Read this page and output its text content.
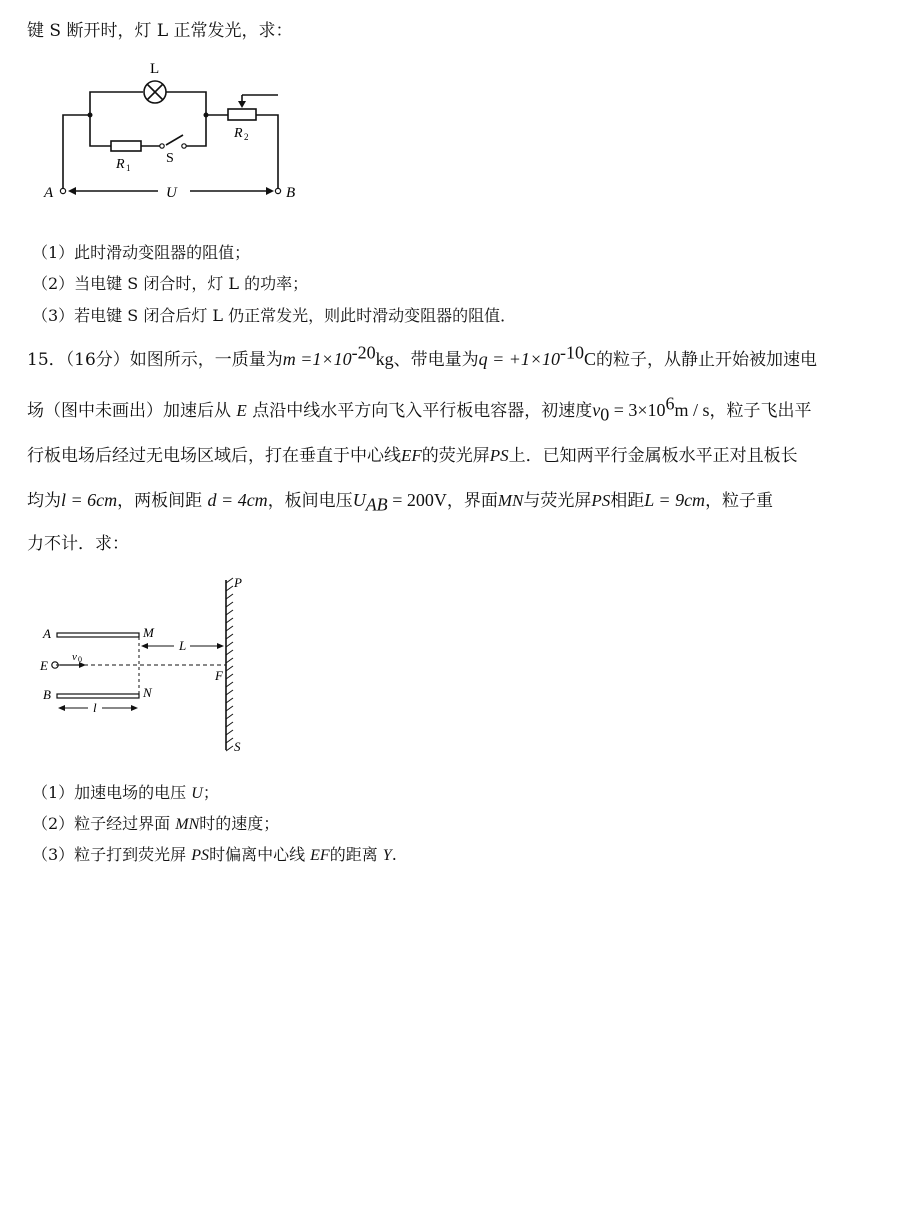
键 S 断开时，灯 L 正常发光，求：
L
R 1
R 2
S
A	B
U
（1）此时滑动变阻器的阻值；
（2）当电键 S 闭合时，灯 L 的功率；
（3）若电键 S 闭合后灯 L 仍正常发光，则此时滑动变阻器的阻值．
15．（16分）如图所示，一质量为$m =1\times 10^{-20}kg$、带电量为$q = +1\times 10^{-10}C$的粒子，从静止开始被加速电
场（图中未画出）加速后从 E 点沿中线水平方向飞入平行板电容器，初速度$v_0 = 3\times 10^6m / s$，粒子飞出平
行板电场后经过无电场区域后，打在垂直于中心线EF的荧光屏PS上．已知两平行金属板水平正对且板长
均为l = 6cm，两板间距 d = 4cm，板间电压$U_{AB} = 200V$，界面MN与荧光屏PS相距L = 9cm，粒子重
力不计．求：
P
S
A	M
E
v 0
L
F
B	N
l
（1）加速电场的电压 U；
（2）粒子经过界面 MN时的速度；
（3）粒子打到荧光屏 PS时偏离中心线 EF的距离 Y.
